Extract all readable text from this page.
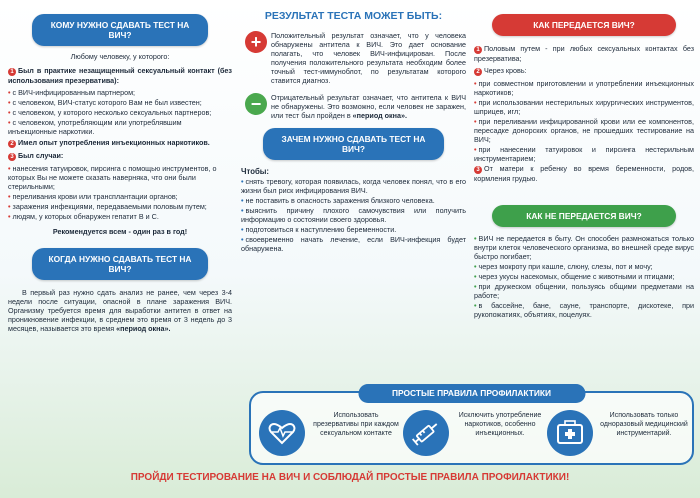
КОМУ НУЖНО СДАВАТЬ ТЕСТ НА ВИЧ?
Любому человеку, у которого:
1 Был в практике незащищенный сексуальный контакт (без использования презерватива):
• с ВИЧ-инфицированным партнером;
• с человеком, ВИЧ-статус которого Вам не был известен;
• с человеком, у которого несколько сексуальных партнеров;
• с человеком, употребляющим или употреблявшим инъекционные наркотики.
2 Имел опыт употребления инъекционных наркотиков.
3 Был случаи:
• нанесения татуировок, пирсинга с помощью инструментов, о которых Вы не можете сказать наверняка, что они были стерильными;
• переливания крови или трансплантации органов;
• заражения инфекциями, передаваемыми половым путем;
• людям, у которых обнаружен гепатит В и С.
Рекомендуется всем - один раз в год!
КОГДА НУЖНО СДАВАТЬ ТЕСТ НА ВИЧ?
В первый раз нужно сдать анализ не ранее, чем через 3-4 недели после ситуации, опасной в плане заражения ВИЧ. Организму требуется время для выработки антител в ответ на проникновение инфекции, в среднем это время от 3 недель до 3 месяцев, называется это время «период окна».
РЕЗУЛЬТАТ ТЕСТА МОЖЕТ БЫТЬ:
+	Положительный результат означает, что у человека обнаружены антитела к ВИЧ. Это дает основание полагать, что человек ВИЧ-инфицирован. После получения положительного результата необходим более точный тест-иммуноблот, по результатам которого ставится диагноз.
−	Отрицательный результат означает, что антитела к ВИЧ не обнаружены. Это возможно, если человек не заражен, или тест был пройден в «период окна».
ЗАЧЕМ НУЖНО СДАВАТЬ ТЕСТ НА ВИЧ?
Чтобы:
• снять тревогу, которая появилась, когда человек понял, что в его жизни был риск инфицирования ВИЧ.
• не поставить в опасность заражения близкого человека.
• выяснить причину плохого самочувствия или получить информацию о состоянии своего здоровья.
• подготовиться к наступлению беременности.
• своевременно начать лечение, если ВИЧ-инфекция будет обнаружена.
КАК ПЕРЕДАЕТСЯ ВИЧ?
1 Половым путем - при любых сексуальных контактах без презерватива;
2 Через кровь:
• при совместном приготовлении и употреблении инъекционных наркотиков;
• при использовании нестерильных хирургических инструментов, шприцев, игл;
• при переливании инфицированной крови или ее компонентов, пересадке донорских органов, не прошедших тестирование на ВИЧ;
• при нанесении татуировок и пирсинга нестерильным инструментарием;
3 От матери к ребенку во время беременности, родов, кормления грудью.
КАК НЕ ПЕРЕДАЕТСЯ ВИЧ?
• ВИЧ не передается в быту. Он способен размножаться только внутри клеток человеческого организма, во внешней среде вирус быстро погибает;
• через мокроту при кашле, слюну, слезы, пот и мочу;
• через укусы насекомых, общение с животными и птицами;
• при дружеском общении, пользуясь общими предметами на работе;
• в бассейне, бане, сауне, транспорте, дискотеке, при рукопожатиях, объятиях, поцелуях.
ПРОСТЫЕ ПРАВИЛА ПРОФИЛАКТИКИ
Использовать презервативы при каждом сексуальном контакте
Исключить употребление наркотиков, особенно инъекционных.
Использовать только одноразовый медицинский инструментарий.
ПРОЙДИ ТЕСТИРОВАНИЕ НА ВИЧ И СОБЛЮДАЙ ПРОСТЫЕ ПРАВИЛА ПРОФИЛАКТИКИ!
